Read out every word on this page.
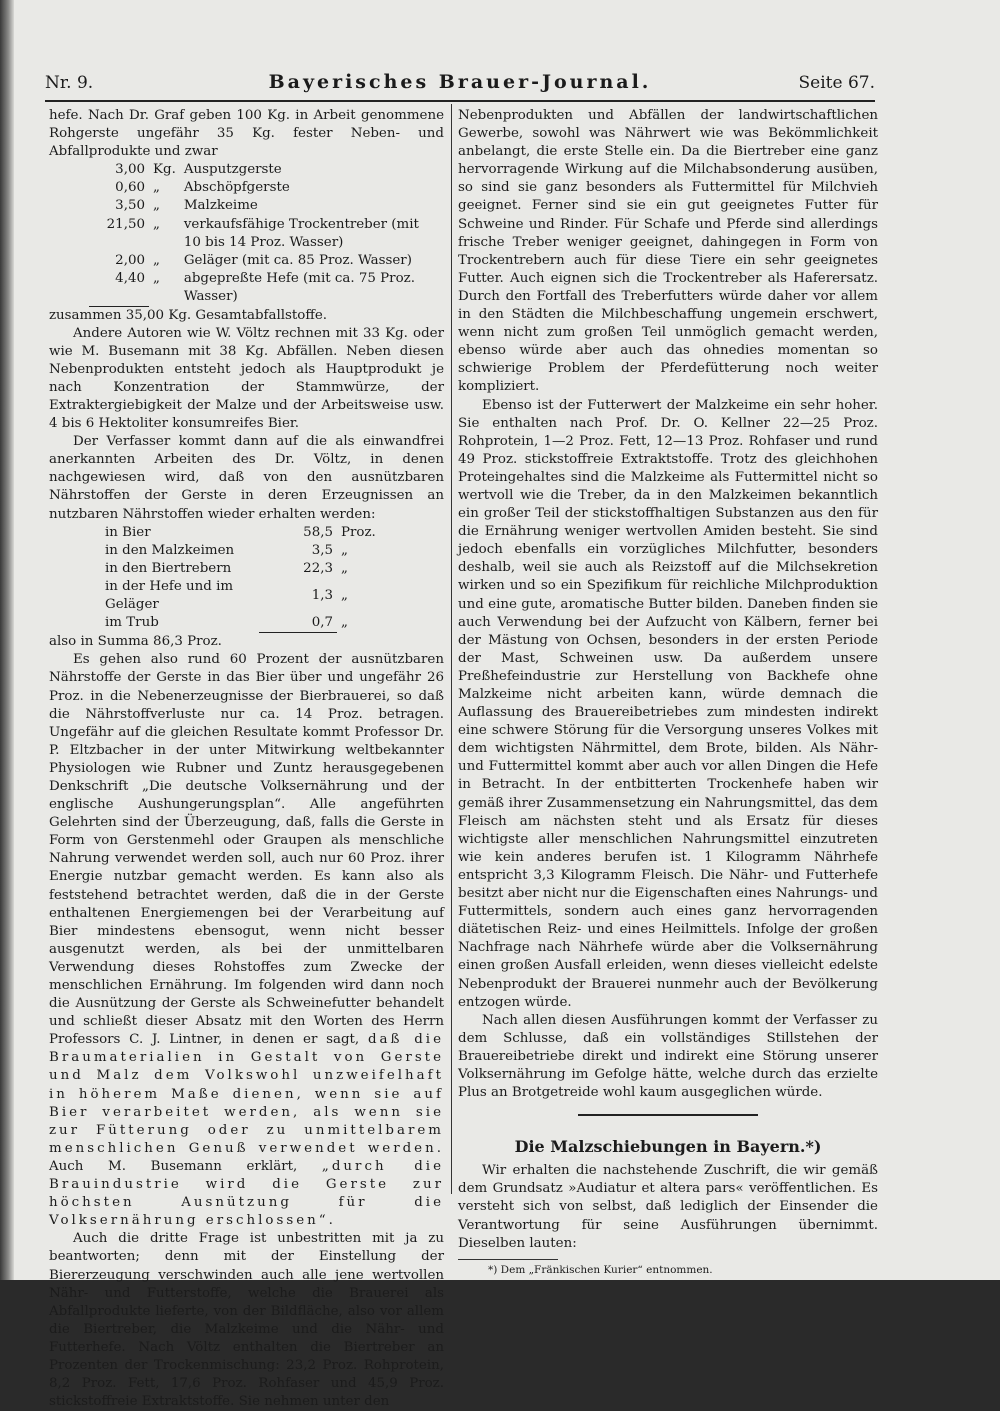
Nr. 9.	Bayerisches Brauer-Journal.	Seite 67.

hefe. Nach Dr. Graf geben 100 Kg. in Arbeit genommene Rohgerste ungefähr 35 Kg. fester Neben- und Abfallprodukte und zwar

3,00	Kg.	Ausputzgerste
0,60	„	Abschöpfgerste
3,50	„	Malzkeime
21,50	„	verkaufsfähige Trockentreber (mit 10 bis 14 Proz. Wasser)
2,00	„	Geläger (mit ca. 85 Proz. Wasser)
4,40	„	abgepreßte Hefe (mit ca. 75 Proz. Wasser)

zusammen 35,00 Kg. Gesamtabfallstoffe.

Andere Autoren wie W. Völtz rechnen mit 33 Kg. oder wie M. Busemann mit 38 Kg. Abfällen. Neben diesen Nebenprodukten entsteht jedoch als Hauptprodukt je nach Konzentration der Stammwürze, der Extraktergiebigkeit der Malze und der Arbeitsweise usw. 4 bis 6 Hektoliter konsumreifes Bier.

Der Verfasser kommt dann auf die als einwandfrei anerkannten Arbeiten des Dr. Völtz, in denen nachgewiesen wird, daß von den ausnützbaren Nährstoffen der Gerste in deren Erzeugnissen an nutzbaren Nährstoffen wieder erhalten werden:

in Bier	58,5	Proz.
in den Malzkeimen	3,5	„
in den Biertrebern	22,3	„
in der Hefe und im Geläger	1,3	„
im Trub	0,7	„

also in Summa 86,3 Proz.

Es gehen also rund 60 Prozent der ausnützbaren Nährstoffe der Gerste in das Bier über und ungefähr 26 Proz. in die Nebenerzeugnisse der Bierbrauerei, so daß die Nährstoffverluste nur ca. 14 Proz. betragen. Ungefähr auf die gleichen Resultate kommt Professor Dr. P. Eltzbacher in der unter Mitwirkung weltbekannter Physiologen wie Rubner und Zuntz herausgegebenen Denkschrift „Die deutsche Volksernährung und der englische Aushungerungsplan“. Alle angeführten Gelehrten sind der Überzeugung, daß, falls die Gerste in Form von Gerstenmehl oder Graupen als menschliche Nahrung verwendet werden soll, auch nur 60 Proz. ihrer Energie nutzbar gemacht werden. Es kann also als feststehend betrachtet werden, daß die in der Gerste enthaltenen Energiemengen bei der Verarbeitung auf Bier mindestens ebensogut, wenn nicht besser ausgenutzt werden, als bei der unmittelbaren Verwendung dieses Rohstoffes zum Zwecke der menschlichen Ernährung. Im folgenden wird dann noch die Ausnützung der Gerste als Schweinefutter behandelt und schließt dieser Absatz mit den Worten des Herrn Professors C. J. Lintner, in denen er sagt, daß die Braumaterialien in Gestalt von Gerste und Malz dem Volkswohl unzweifelhaft in höherem Maße dienen, wenn sie auf Bier verarbeitet werden, als wenn sie zur Fütterung oder zu unmittelbarem menschlichen Genuß verwendet werden. Auch M. Busemann erklärt, „durch die Brauindustrie wird die Gerste zur höchsten Ausnützung für die Volksernährung erschlossen“.

Auch die dritte Frage ist unbestritten mit ja zu beantworten; denn mit der Einstellung der Biererzeugung verschwinden auch alle jene wertvollen Nähr- und Futterstoffe, welche die Brauerei als Abfallprodukte lieferte, von der Bildfläche, also vor allem die Biertreber, die Malzkeime und die Nähr- und Futterhefe. Nach Völtz enthalten die Biertreber an Prozenten der Trockenmischung: 23,2 Proz. Rohprotein, 8,2 Proz. Fett, 17,6 Proz. Rohfaser und 45,9 Proz. stickstoffreie Extraktstoffe. Sie nehmen unter den

Nebenprodukten und Abfällen der landwirtschaftlichen Gewerbe, sowohl was Nährwert wie was Bekömmlichkeit anbelangt, die erste Stelle ein. Da die Biertreber eine ganz hervorragende Wirkung auf die Milchabsonderung ausüben, so sind sie ganz besonders als Futtermittel für Milchvieh geeignet. Ferner sind sie ein gut geeignetes Futter für Schweine und Rinder. Für Schafe und Pferde sind allerdings frische Treber weniger geeignet, dahingegen in Form von Trockentrebern auch für diese Tiere ein sehr geeignetes Futter. Auch eignen sich die Trockentreber als Haferersatz. Durch den Fortfall des Treberfutters würde daher vor allem in den Städten die Milchbeschaffung ungemein erschwert, wenn nicht zum großen Teil unmöglich gemacht werden, ebenso würde aber auch das ohnedies momentan so schwierige Problem der Pferdefütterung noch weiter kompliziert.

Ebenso ist der Futterwert der Malzkeime ein sehr hoher. Sie enthalten nach Prof. Dr. O. Kellner 22—25 Proz. Rohprotein, 1—2 Proz. Fett, 12—13 Proz. Rohfaser und rund 49 Proz. stickstoffreie Extraktstoffe. Trotz des gleichhohen Proteingehaltes sind die Malzkeime als Futtermittel nicht so wertvoll wie die Treber, da in den Malzkeimen bekanntlich ein großer Teil der stickstoffhaltigen Substanzen aus den für die Ernährung weniger wertvollen Amiden besteht. Sie sind jedoch ebenfalls ein vorzügliches Milchfutter, besonders deshalb, weil sie auch als Reizstoff auf die Milchsekretion wirken und so ein Spezifikum für reichliche Milchproduktion und eine gute, aromatische Butter bilden. Daneben finden sie auch Verwendung bei der Aufzucht von Kälbern, ferner bei der Mästung von Ochsen, besonders in der ersten Periode der Mast, Schweinen usw. Da außerdem unsere Preßhefeindustrie zur Herstellung von Backhefe ohne Malzkeime nicht arbeiten kann, würde demnach die Auflassung des Brauereibetriebes zum mindesten indirekt eine schwere Störung für die Versorgung unseres Volkes mit dem wichtigsten Nährmittel, dem Brote, bilden. Als Nähr- und Futtermittel kommt aber auch vor allen Dingen die Hefe in Betracht. In der entbitterten Trockenhefe haben wir gemäß ihrer Zusammensetzung ein Nahrungsmittel, das dem Fleisch am nächsten steht und als Ersatz für dieses wichtigste aller menschlichen Nahrungsmittel einzutreten wie kein anderes berufen ist. 1 Kilogramm Nährhefe entspricht 3,3 Kilogramm Fleisch. Die Nähr- und Futterhefe besitzt aber nicht nur die Eigenschaften eines Nahrungs- und Futtermittels, sondern auch eines ganz hervorragenden diätetischen Reiz- und eines Heilmittels. Infolge der großen Nachfrage nach Nährhefe würde aber die Volksernährung einen großen Ausfall erleiden, wenn dieses vielleicht edelste Nebenprodukt der Brauerei nunmehr auch der Bevölkerung entzogen würde.

Nach allen diesen Ausführungen kommt der Verfasser zu dem Schlusse, daß ein vollständiges Stillstehen der Brauereibetriebe direkt und indirekt eine Störung unserer Volksernährung im Gefolge hätte, welche durch das erzielte Plus an Brotgetreide wohl kaum ausgeglichen würde.

Die Malzschiebungen in Bayern.*)

Wir erhalten die nachstehende Zuschrift, die wir gemäß dem Grundsatz »Audiatur et altera pars« veröffentlichen. Es versteht sich von selbst, daß lediglich der Einsender die Verantwortung für seine Ausführungen übernimmt. Dieselben lauten:

*) Dem „Fränkischen Kurier“ entnommen.
